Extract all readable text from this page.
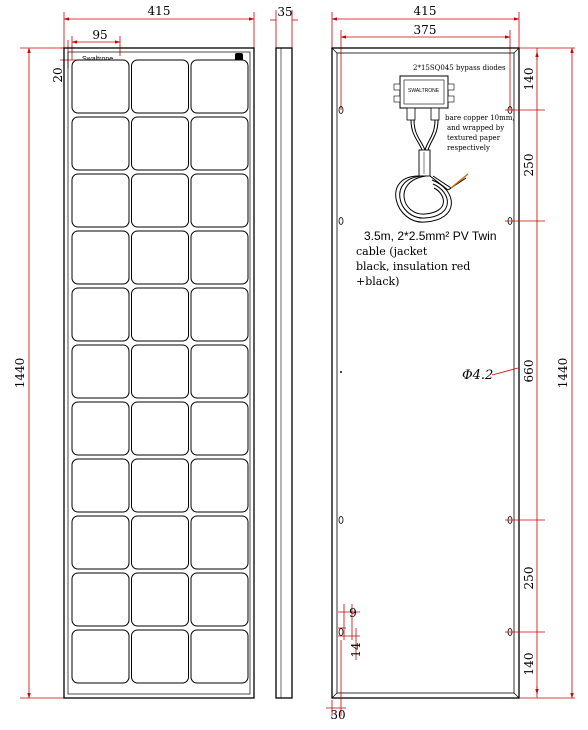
415
95
20
1440
35	415
375
140
250
660
250
140
1440
9
14
30
Φ4.2
2*15SQ045 bypass diodes
SWALTRONE
bare copper 10mm,
and wrapped by
textured paper
respectively
3.5m, 2*2.5mm² PV Twin
cable (jacket
black, insulation red
+black)
